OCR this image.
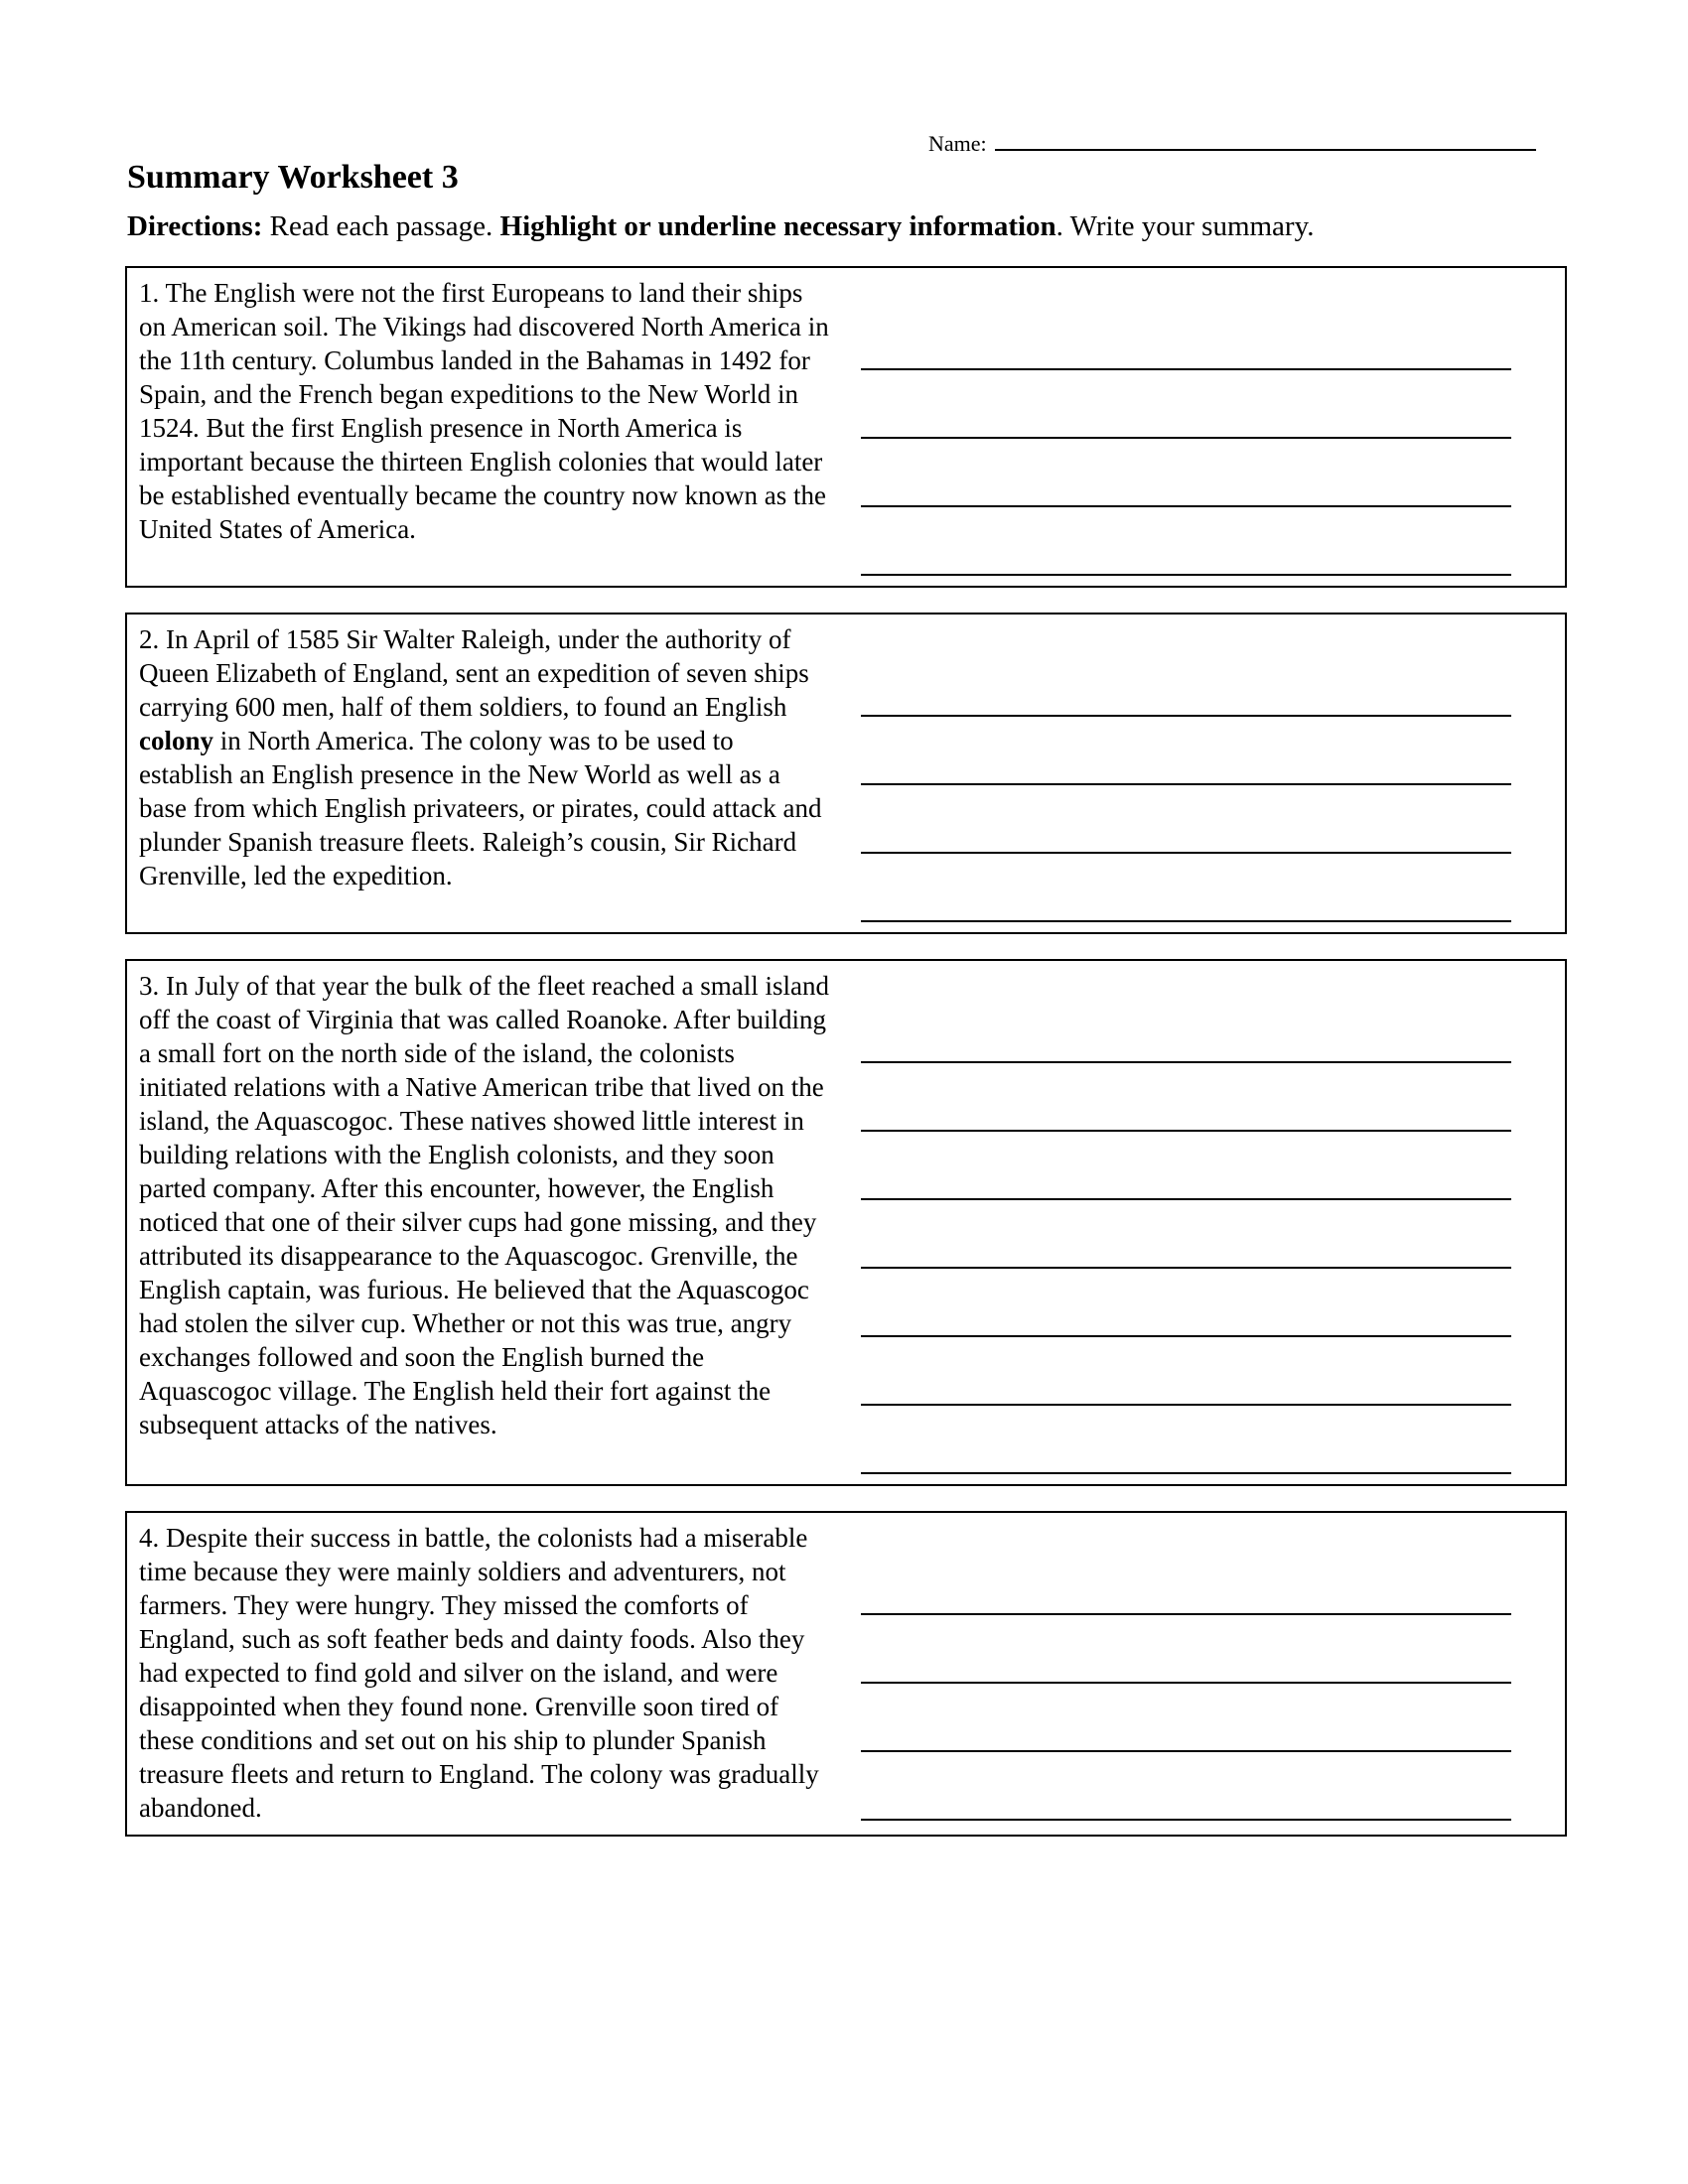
Name:
Summary Worksheet 3
Directions: Read each passage. Highlight or underline necessary information. Write your summary.
1. The English were not the first Europeans to land their ships on American soil. The Vikings had discovered North America in the 11th century. Columbus landed in the Bahamas in 1492 for Spain, and the French began expeditions to the New World in 1524. But the first English presence in North America is important because the thirteen English colonies that would later be established eventually became the country now known as the United States of America.
2. In April of 1585 Sir Walter Raleigh, under the authority of Queen Elizabeth of England, sent an expedition of seven ships carrying 600 men, half of them soldiers, to found an English colony in North America. The colony was to be used to establish an English presence in the New World as well as a base from which English privateers, or pirates, could attack and plunder Spanish treasure fleets. Raleigh’s cousin, Sir Richard Grenville, led the expedition.
3. In July of that year the bulk of the fleet reached a small island off the coast of Virginia that was called Roanoke. After building a small fort on the north side of the island, the colonists initiated relations with a Native American tribe that lived on the island, the Aquascogoc. These natives showed little interest in building relations with the English colonists, and they soon parted company. After this encounter, however, the English noticed that one of their silver cups had gone missing, and they attributed its disappearance to the Aquascogoc. Grenville, the English captain, was furious. He believed that the Aquascogoc had stolen the silver cup. Whether or not this was true, angry exchanges followed and soon the English burned the Aquascogoc village. The English held their fort against the subsequent attacks of the natives.
4. Despite their success in battle, the colonists had a miserable time because they were mainly soldiers and adventurers, not farmers. They were hungry. They missed the comforts of England, such as soft feather beds and dainty foods. Also they had expected to find gold and silver on the island, and were disappointed when they found none. Grenville soon tired of these conditions and set out on his ship to plunder Spanish treasure fleets and return to England. The colony was gradually abandoned.
